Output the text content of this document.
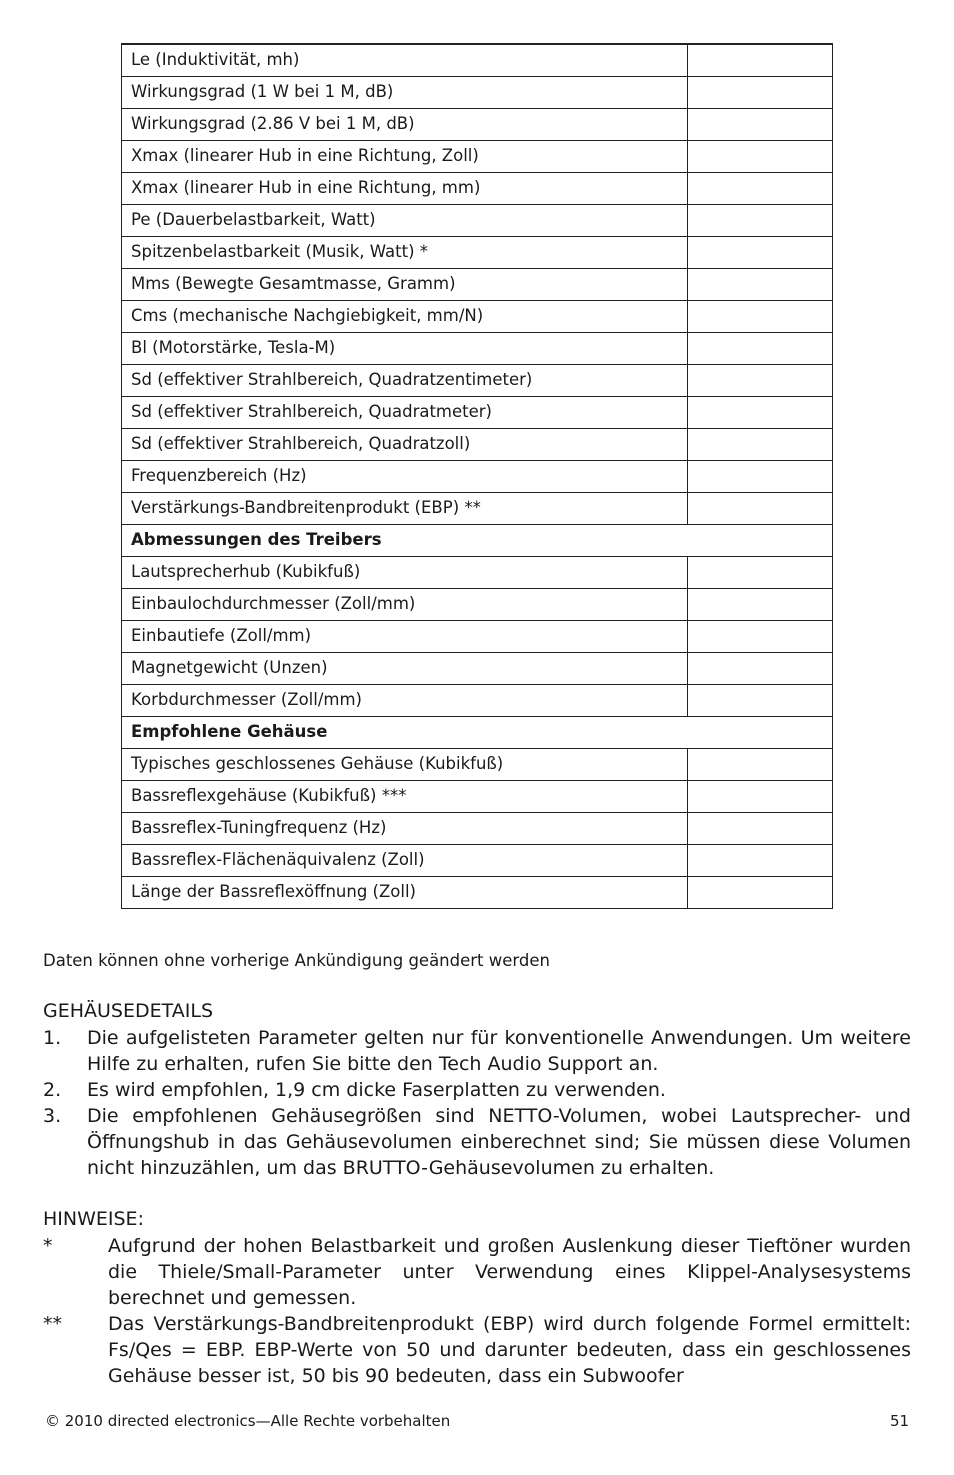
Le (Induktivität, mh)	
Wirkungsgrad (1 W bei 1 M, dB)	
Wirkungsgrad (2.86 V bei 1 M, dB)	
Xmax (linearer Hub in eine Richtung, Zoll)	
Xmax (linearer Hub in eine Richtung, mm)	
Pe (Dauerbelastbarkeit, Watt)	
Spitzenbelastbarkeit (Musik, Watt) *	
Mms (Bewegte Gesamtmasse, Gramm)	
Cms (mechanische Nachgiebigkeit, mm/N)	
Bl (Motorstärke, Tesla-M)	
Sd (effektiver Strahlbereich, Quadratzentimeter)	
Sd (effektiver Strahlbereich, Quadratmeter)	
Sd (effektiver Strahlbereich, Quadratzoll)	
Frequenzbereich (Hz)	
Verstärkungs-Bandbreitenprodukt (EBP) **	
Abmessungen des Treibers	
Lautsprecherhub (Kubikfuß)	
Einbaulochdurchmesser (Zoll/mm)	
Einbautiefe (Zoll/mm)	
Magnetgewicht (Unzen)	
Korbdurchmesser (Zoll/mm)	
Empfohlene Gehäuse	
Typisches geschlossenes Gehäuse (Kubikfuß)	
Bassreflexgehäuse (Kubikfuß) ***	
Bassreflex-Tuningfrequenz (Hz)	
Bassreflex-Flächenäquivalenz (Zoll)	
Länge der Bassreflexöffnung (Zoll)	
Daten können ohne vorherige Ankündigung geändert werden
GEHÄUSEDETAILS
1.	Die aufgelisteten Parameter gelten nur für konventionelle Anwendungen. Um weitere Hilfe zu erhalten, rufen Sie bitte den Tech Audio Support an.
2.	Es wird empfohlen, 1,9 cm dicke Faserplatten zu verwenden.
3.	Die empfohlenen Gehäusegrößen sind NETTO-Volumen, wobei Lautsprecher- und Öffnungshub in das Gehäusevolumen einberechnet sind; Sie müssen diese Volumen nicht hinzuzählen, um das BRUTTO-Gehäusevolumen zu erhalten.
HINWEISE:
*	Aufgrund der hohen Belastbarkeit und großen Auslenkung dieser Tieftöner wurden die Thiele/Small-Parameter unter Verwendung eines Klippel-Analysesystems berechnet und gemessen.
**	Das Verstärkungs-Bandbreitenprodukt (EBP) wird durch folgende Formel ermittelt: Fs/Qes = EBP. EBP-Werte von 50 und darunter bedeuten, dass ein geschlossenes Gehäuse besser ist, 50 bis 90 bedeuten, dass ein Subwoofer
© 2010 directed electronics—Alle Rechte vorbehalten	51
